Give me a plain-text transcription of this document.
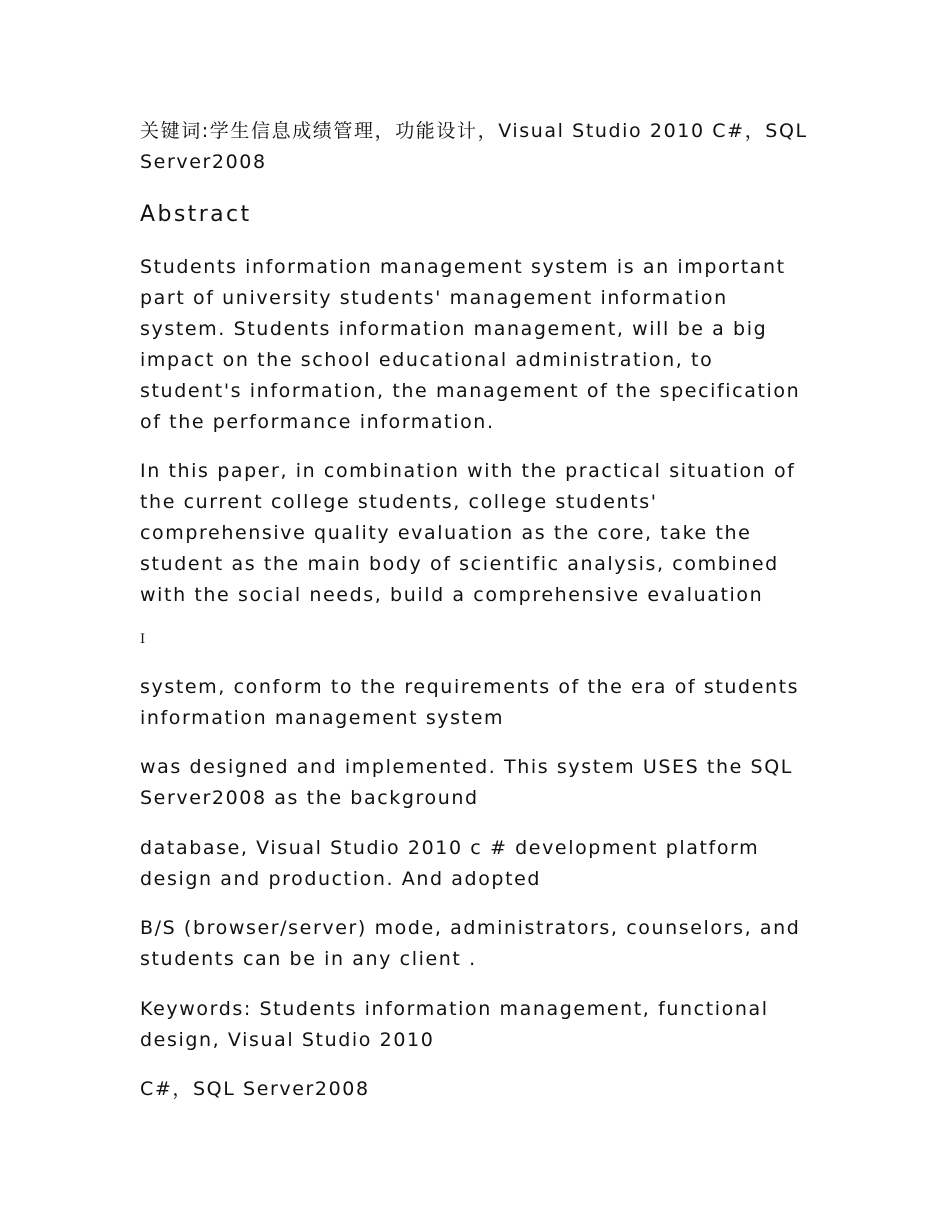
关键词:学生信息成绩管理，功能设计，Visual Studio 2010 C#，SQL Server2008

Abstract

Students information management system is an important part of university students' management information system. Students information management, will be a big impact on the school educational administration, to student's information, the management of the specification of the performance information.

In this paper, in combination with the practical situation of the current college students, college students' comprehensive quality evaluation as the core, take the student as the main body of scientific analysis, combined with the social needs, build a comprehensive evaluation

I

system, conform to the requirements of the era of students information management system

was designed and implemented. This system USES the SQL Server2008 as the background

database, Visual Studio 2010 c # development platform design and production. And adopted

B/S (browser/server) mode, administrators, counselors, and students can be in any client .

Keywords: Students information management, functional design, Visual Studio 2010

C#，SQL Server2008
